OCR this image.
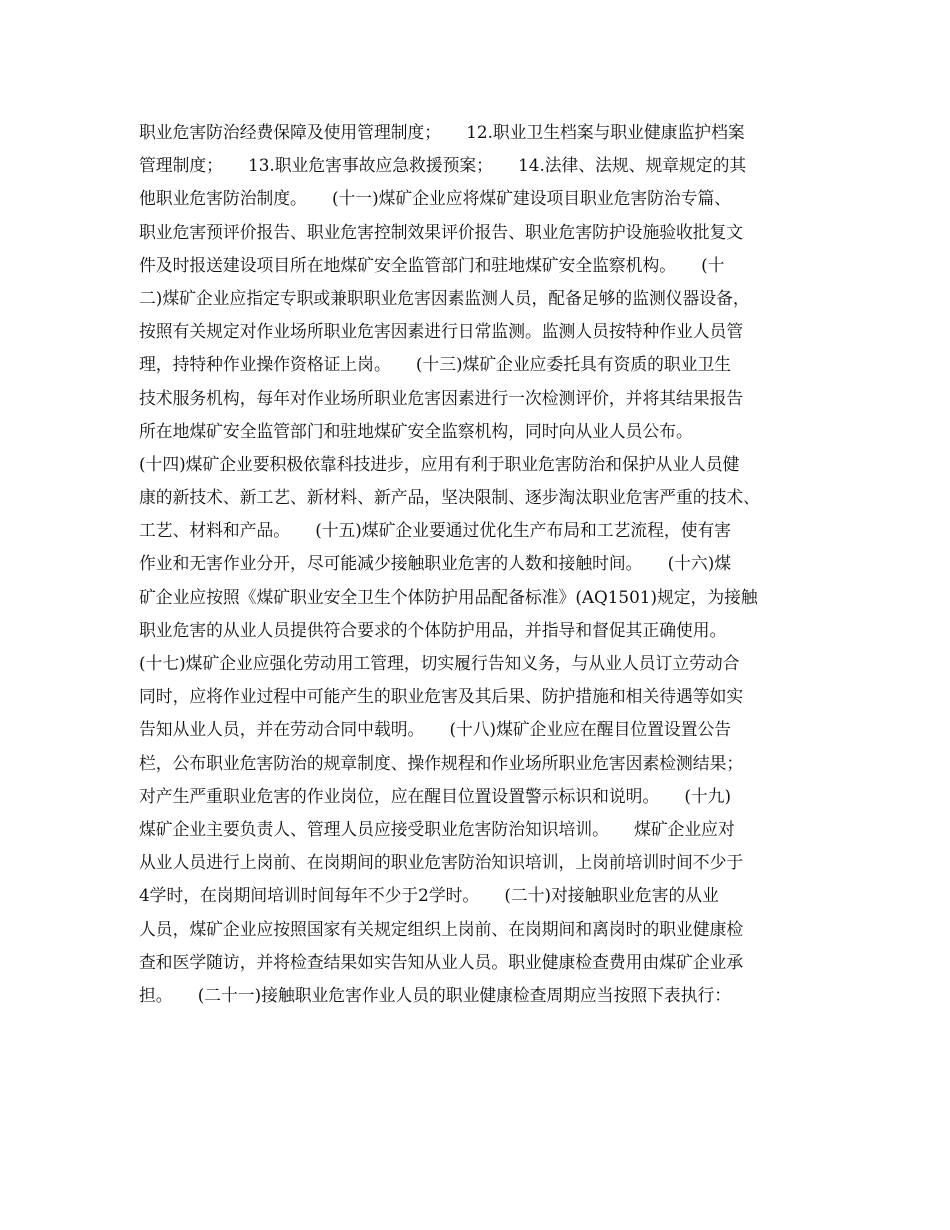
职业危害防治经费保障及使用管理制度；　　12.职业卫生档案与职业健康监护档案
管理制度；　　13.职业危害事故应急救援预案；　　14.法律、法规、规章规定的其
他职业危害防治制度。　　(十一)煤矿企业应将煤矿建设项目职业危害防治专篇、
职业危害预评价报告、职业危害控制效果评价报告、职业危害防护设施验收批复文
件及时报送建设项目所在地煤矿安全监管部门和驻地煤矿安全监察机构。　　(十
二)煤矿企业应指定专职或兼职职业危害因素监测人员，配备足够的监测仪器设备，
按照有关规定对作业场所职业危害因素进行日常监测。监测人员按特种作业人员管
理，持特种作业操作资格证上岗。　　(十三)煤矿企业应委托具有资质的职业卫生
技术服务机构，每年对作业场所职业危害因素进行一次检测评价，并将其结果报告
所在地煤矿安全监管部门和驻地煤矿安全监察机构，同时向从业人员公布。
(十四)煤矿企业要积极依靠科技进步，应用有利于职业危害防治和保护从业人员健
康的新技术、新工艺、新材料、新产品，坚决限制、逐步淘汰职业危害严重的技术、
工艺、材料和产品。　　(十五)煤矿企业要通过优化生产布局和工艺流程，使有害
作业和无害作业分开，尽可能减少接触职业危害的人数和接触时间。　　(十六)煤
矿企业应按照《煤矿职业安全卫生个体防护用品配备标准》(AQ1501)规定，为接触
职业危害的从业人员提供符合要求的个体防护用品，并指导和督促其正确使用。
(十七)煤矿企业应强化劳动用工管理，切实履行告知义务，与从业人员订立劳动合
同时，应将作业过程中可能产生的职业危害及其后果、防护措施和相关待遇等如实
告知从业人员，并在劳动合同中载明。　　(十八)煤矿企业应在醒目位置设置公告
栏，公布职业危害防治的规章制度、操作规程和作业场所职业危害因素检测结果；
对产生严重职业危害的作业岗位，应在醒目位置设置警示标识和说明。　　(十九)
煤矿企业主要负责人、管理人员应接受职业危害防治知识培训。　　煤矿企业应对
从业人员进行上岗前、在岗期间的职业危害防治知识培训，上岗前培训时间不少于
4学时，在岗期间培训时间每年不少于2学时。　　(二十)对接触职业危害的从业
人员，煤矿企业应按照国家有关规定组织上岗前、在岗期间和离岗时的职业健康检
查和医学随访，并将检查结果如实告知从业人员。职业健康检查费用由煤矿企业承
担。　　(二十一)接触职业危害作业人员的职业健康检查周期应当按照下表执行：
